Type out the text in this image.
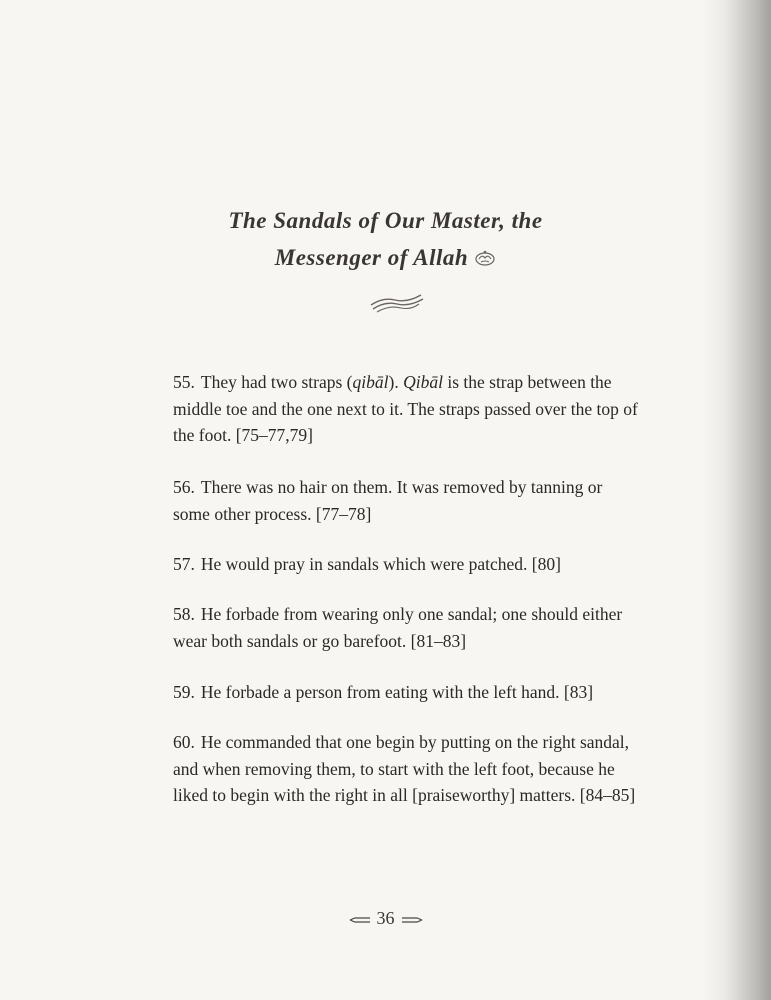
The Sandals of Our Master, the
Messenger of Allah

55. They had two straps (qibāl). Qibāl is the strap between the middle toe and the one next to it. The straps passed over the top of the foot. [75–77,79]

56. There was no hair on them. It was removed by tanning or some other process. [77–78]

57. He would pray in sandals which were patched. [80]

58. He forbade from wearing only one sandal; one should either wear both sandals or go barefoot. [81–83]

59. He forbade a person from eating with the left hand. [83]

60. He commanded that one begin by putting on the right sandal, and when removing them, to start with the left foot, because he liked to begin with the right in all [praiseworthy] matters. [84–85]

36
